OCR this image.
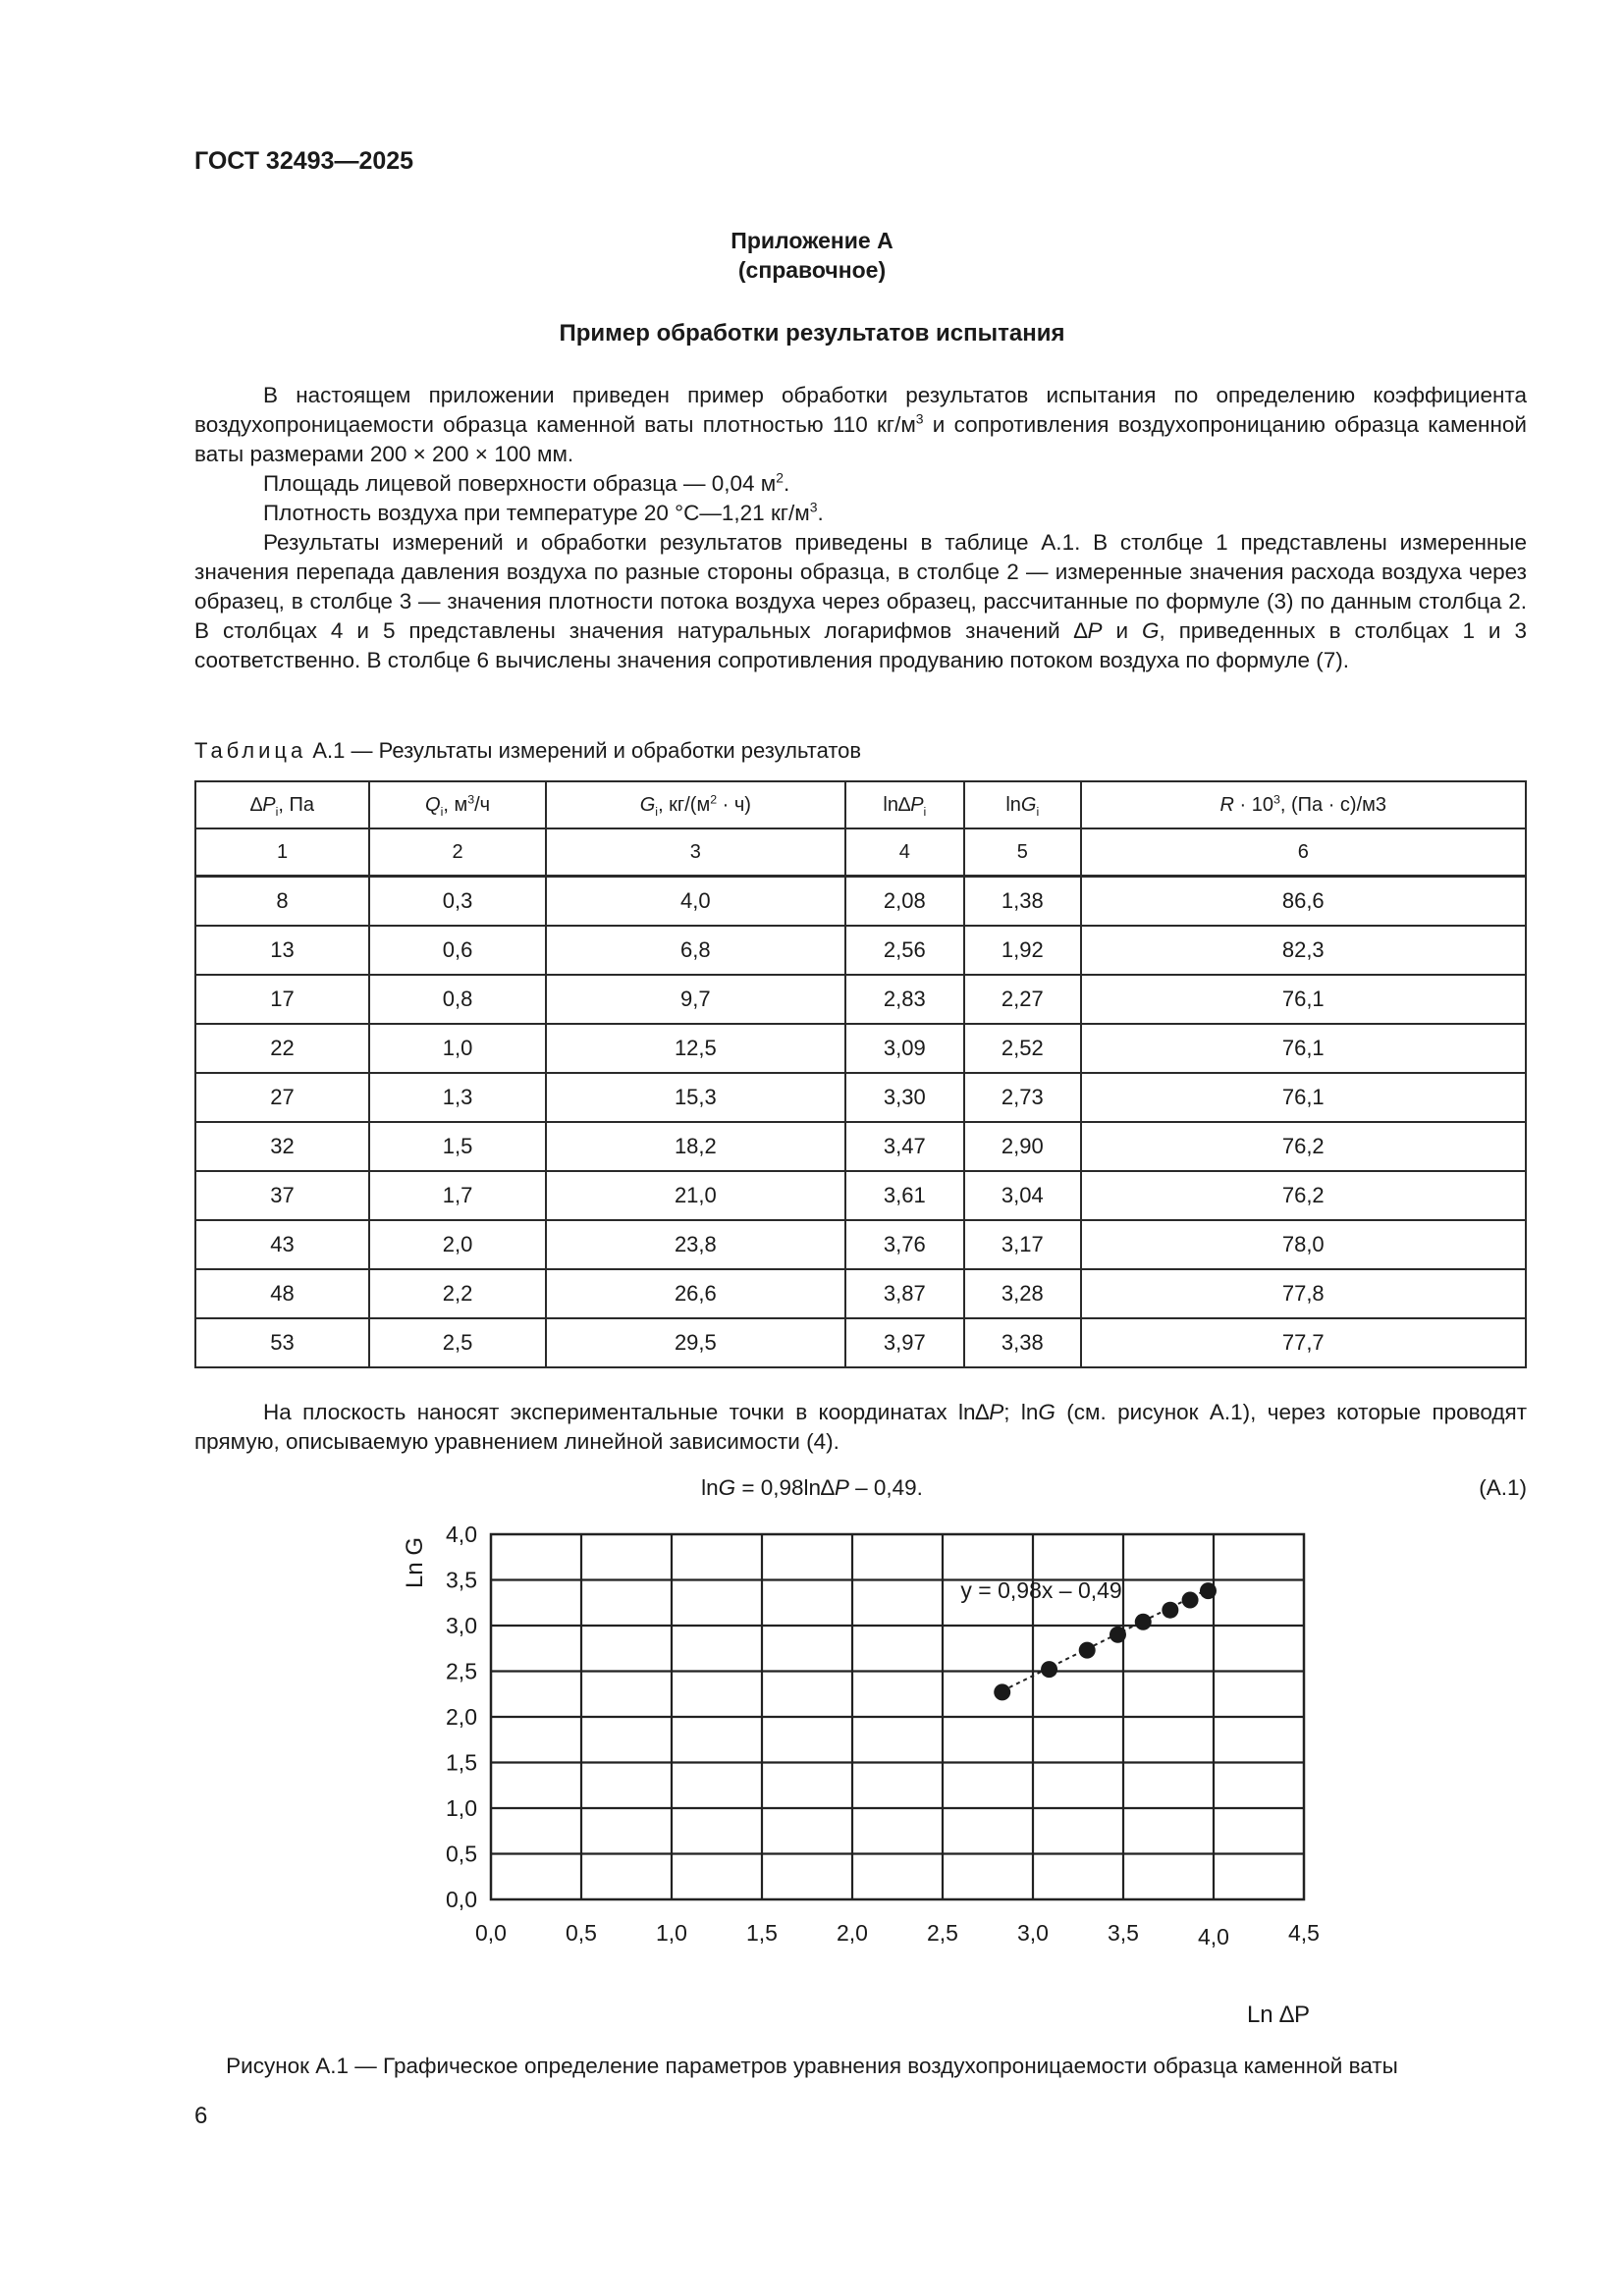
ГОСТ 32493—2025
Приложение А
(справочное)
Пример обработки результатов испытания

В настоящем приложении приведен пример обработки результатов испытания по определению коэффициента воздухопроницаемости образца каменной ваты плотностью 110 $кг/м^3$ и сопротивления воздухопроницанию образца каменной ваты размерами 200 × 200 × 100 мм.

Площадь лицевой поверхности образца — 0,04 $м^2$.

Плотность воздуха при температуре 20 °С—1,21 $кг/м^3$.

Результаты измерений и обработки результатов приведены в таблице А.1. В столбце 1 представлены измеренные значения перепада давления воздуха по разные стороны образца, в столбце 2 — измеренные значения расхода воздуха через образец, в столбце 3 — значения плотности потока воздуха через образец, рассчитанные по формуле (3) по данным столбца 2. В столбцах 4 и 5 представлены значения натуральных логарифмов значений ∆P и G, приведенных в столбцах 1 и 3 соответственно. В столбце 6 вычислены значения сопротивления продуванию потоком воздуха по формуле (7).

Таблица А.1 — Результаты измерений и обработки результатов
$\Delta P_i$, Па	$Q_i$, $м^3/ч$	$G_i$, $кг/(м^2 \cdot ч)$	$\ln\Delta P_i$	lnG$_i$	$R \cdot 10^3$, (Па · с)/м3
1	2	3	4	5	6
8	0,3	4,0	2,08	1,38	86,6
13	0,6	6,8	2,56	1,92	82,3
17	0,8	9,7	2,83	2,27	76,1
22	1,0	12,5	3,09	2,52	76,1
27	1,3	15,3	3,30	2,73	76,1
32	1,5	18,2	3,47	2,90	76,2
37	1,7	21,0	3,61	3,04	76,2
43	2,0	23,8	3,76	3,17	78,0
48	2,2	26,6	3,87	3,28	77,8
53	2,5	29,5	3,97	3,38	77,7

На плоскость наносят экспериментальные точки в координатах ln∆P; lnG (см. рисунок А.1), через которые проводят прямую, описываемую уравнением линейной зависимости (4).

lnG = 0,98ln∆P – 0,49.	(А.1)
0,0	0,5	1,0	1,5	2,0	2,5	3,0	3,5	4,0	4,5
0,0
0,5
1,0
1,5
2,0
2,5
3,0
3,5
4,0
y = 0,98x – 0,49
Ln G
Ln ∆P
Рисунок А.1 — Графическое определение параметров уравнения воздухопроницаемости образца каменной ваты
6
